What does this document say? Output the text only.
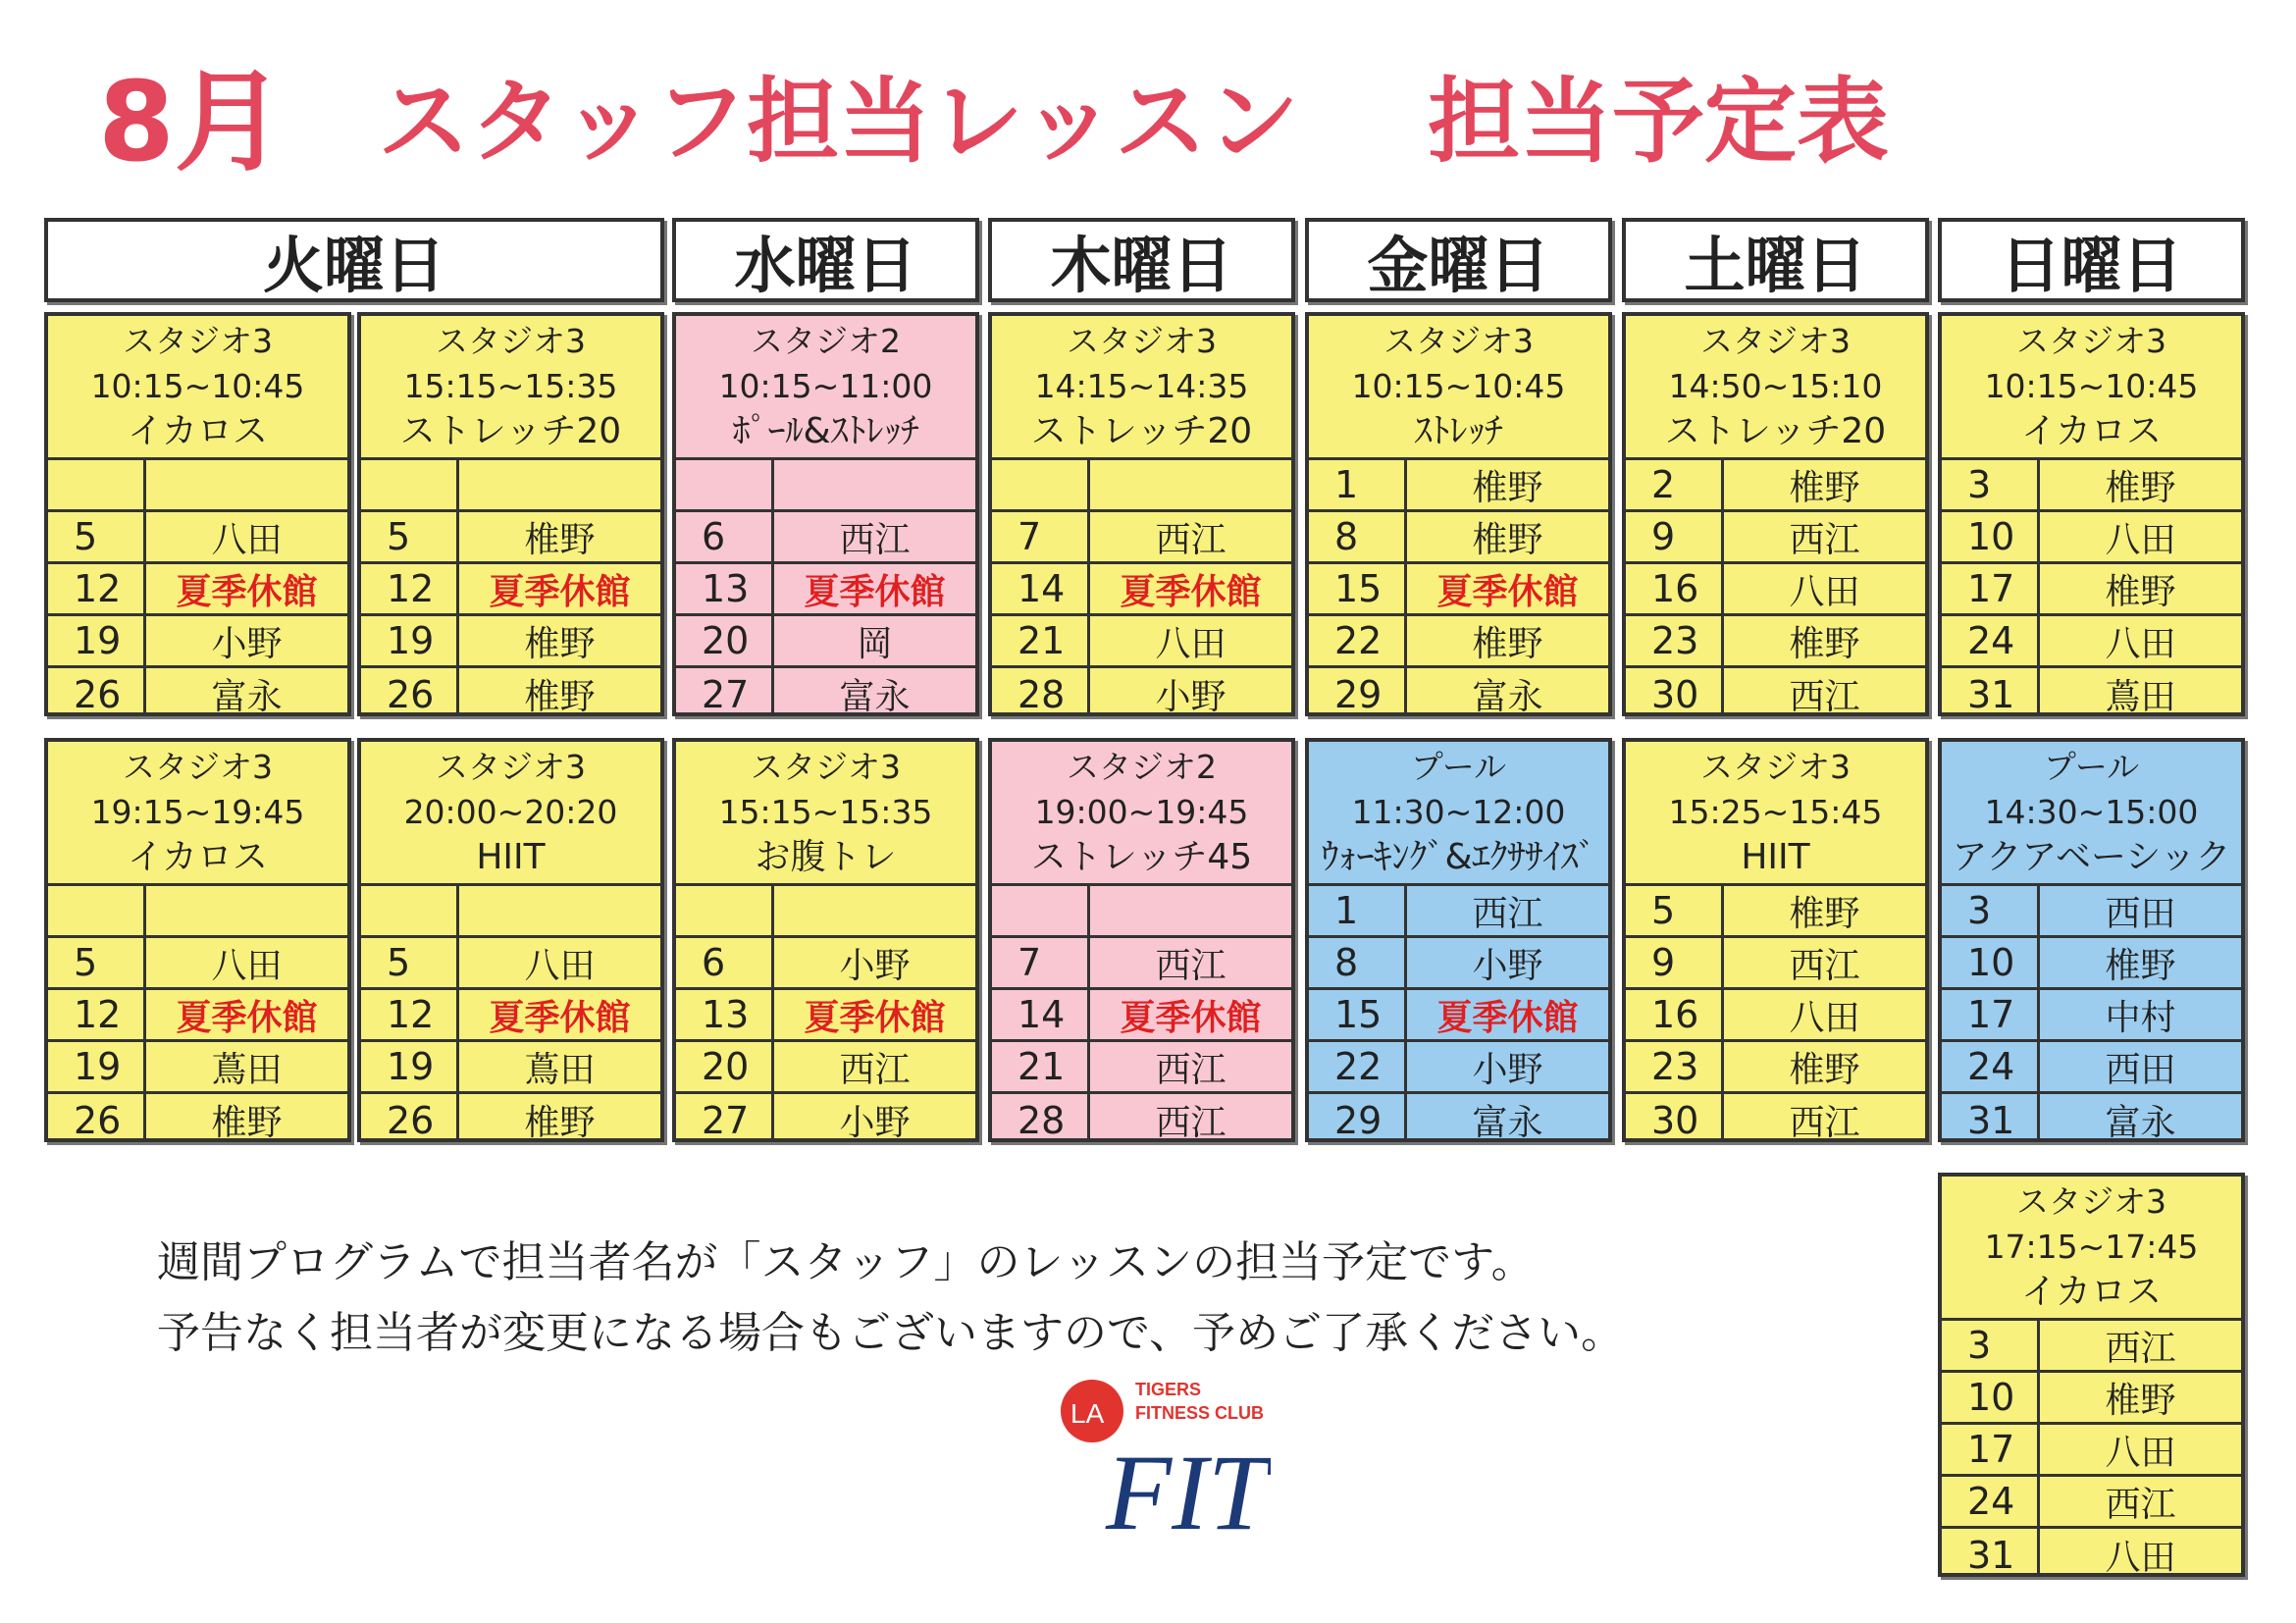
8月 スタッフ担当レッスン 担当予定表
火曜日	水曜日	木曜日	金曜日	土曜日	日曜日
スタジオ3
10:15~10:45
イカロス
5	八田
12	夏季休館
19	小野
26	富永
スタジオ3
15:15~15:35
ストレッチ20
5	椎野
12	夏季休館
19	椎野
26	椎野
スタジオ2
10:15~11:00
ﾎﾟｰﾙ&ｽﾄﾚｯﾁ
6	西江
13	夏季休館
20	岡
27	富永
スタジオ3
14:15~14:35
ストレッチ20
7	西江
14	夏季休館
21	八田
28	小野
スタジオ3
10:15~10:45
ｽﾄﾚｯﾁ
1	椎野
8	椎野
15	夏季休館
22	椎野
29	富永
スタジオ3
14:50~15:10
ストレッチ20
2	椎野
9	西江
16	八田
23	椎野
30	西江
スタジオ3
10:15~10:45
イカロス
3	椎野
10	八田
17	椎野
24	八田
31	蔦田
スタジオ3
19:15~19:45
イカロス
5	八田
12	夏季休館
19	蔦田
26	椎野
スタジオ3
20:00~20:20
HIIT
5	八田
12	夏季休館
19	蔦田
26	椎野
スタジオ3
15:15~15:35
お腹トレ
6	小野
13	夏季休館
20	西江
27	小野
スタジオ2
19:00~19:45
ストレッチ45
7	西江
14	夏季休館
21	西江
28	西江
プール
11:30~12:00
ｳｫｰｷﾝｸﾞ&ｴｸｻｻｲｽﾞ
1	西江
8	小野
15	夏季休館
22	小野
29	富永
スタジオ3
15:25~15:45
HIIT
5	椎野
9	西江
16	八田
23	椎野
30	西江
プール
14:30~15:00
アクアベーシック
3	西田
10	椎野
17	中村
24	西田
31	富永
スタジオ3
17:15~17:45
イカロス
3	西江
10	椎野
17	八田
24	西江
31	八田
週間プログラムで担当者名が「スタッフ」のレッスンの担当予定です。
予告なく担当者が変更になる場合もございますので、予めご了承ください。
LA
TIGERS
FITNESS CLUB
FIT
